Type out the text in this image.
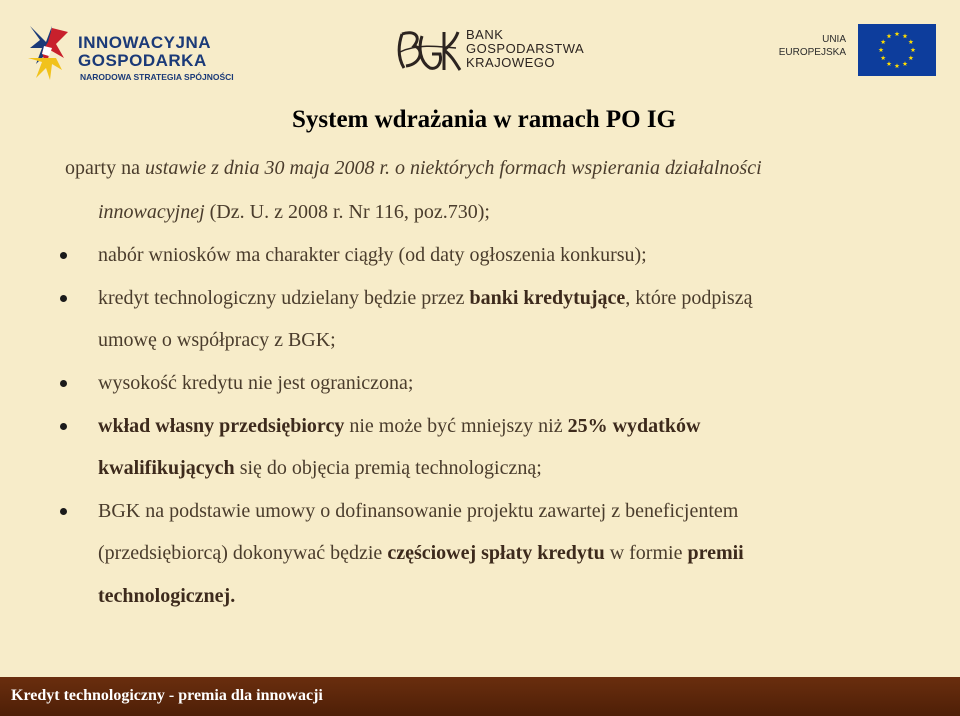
INNOWACYJNA
GOSPODARKA
NARODOWA STRATEGIA SPÓJNOŚCI
BANK
GOSPODARSTWA
KRAJOWEGO
UNIA
EUROPEJSKA
System wdrażania w ramach PO IG
oparty na ustawie z dnia 30 maja 2008 r. o niektórych formach wspierania działalności
innowacyjnej (Dz. U. z 2008 r. Nr 116, poz.730);
nabór wniosków ma charakter ciągły (od daty ogłoszenia konkursu);
kredyt technologiczny udzielany będzie przez banki kredytujące, które podpiszą
umowę o współpracy z BGK;
wysokość kredytu nie jest ograniczona;
wkład własny przedsiębiorcy nie może być mniejszy niż 25% wydatków
kwalifikujących się do objęcia premią technologiczną;
BGK na podstawie umowy o dofinansowanie projektu zawartej z beneficjentem
(przedsiębiorcą) dokonywać będzie częściowej spłaty kredytu w formie premii
technologicznej.
Kredyt technologiczny - premia dla innowacji
